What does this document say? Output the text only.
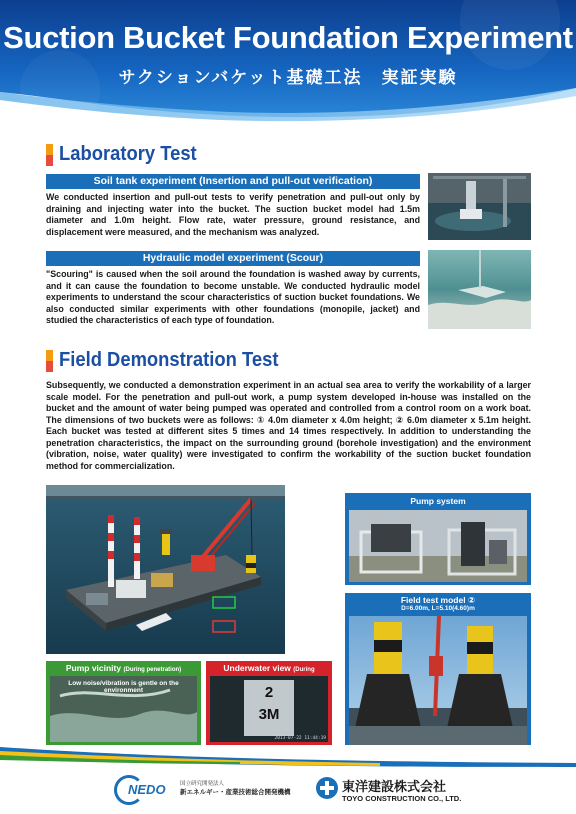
Suction Bucket Foundation Experiment
サクションバケット基礎工法　実証実験
Laboratory Test
Soil tank experiment (Insertion and pull-out verification)
We conducted insertion and pull-out tests to verify penetration and pull-out only by draining and injecting water into the bucket. The suction bucket model had 1.5m diameter and 1.0m height. Flow rate, water pressure, ground resistance, and displacement were measured, and the mechanism was analyzed.
Hydraulic model experiment (Scour)
"Scouring" is caused when the soil around the foundation is washed away by currents, and it can cause the foundation to become unstable. We conducted hydraulic model experiments to understand the scour characteristics of suction bucket foundations. We also conducted similar experiments with other foundations (monopile, jacket) and studied the characteristics of each type of foundation.
Field Demonstration Test
Subsequently, we conducted a demonstration experiment in an actual sea area to verify the workability of a larger scale model. For the penetration and pull-out work, a pump system developed in-house was installed on the bucket and the amount of water being pumped was operated and controlled from a control room on a work boat. The dimensions of two buckets were as follows: ① 4.0m diameter x 4.0m height; ② 6.0m diameter x 5.1m height. Each bucket was tested at different sites 5 times and 14 times respectively. In addition to understanding the penetration characteristics, the impact on the surrounding ground (borehole investigation) and the environment (vibration, noise, water quality) were investigated to confirm the workability of the suction bucket foundation method for commercialization.
Pump vicinity (During penetration)
Low noise/vibration is gentle on the environment
Underwater view (During
2
3M
2013-07-22 11:44:19
Pump system
Field test model ②
D=6.00m, L=5.10(4.60)m
NEDO	国立研究開発法人
新エネルギー・産業技術総合開発機構	東洋建設株式会社
TOYO CONSTRUCTION CO., LTD.
